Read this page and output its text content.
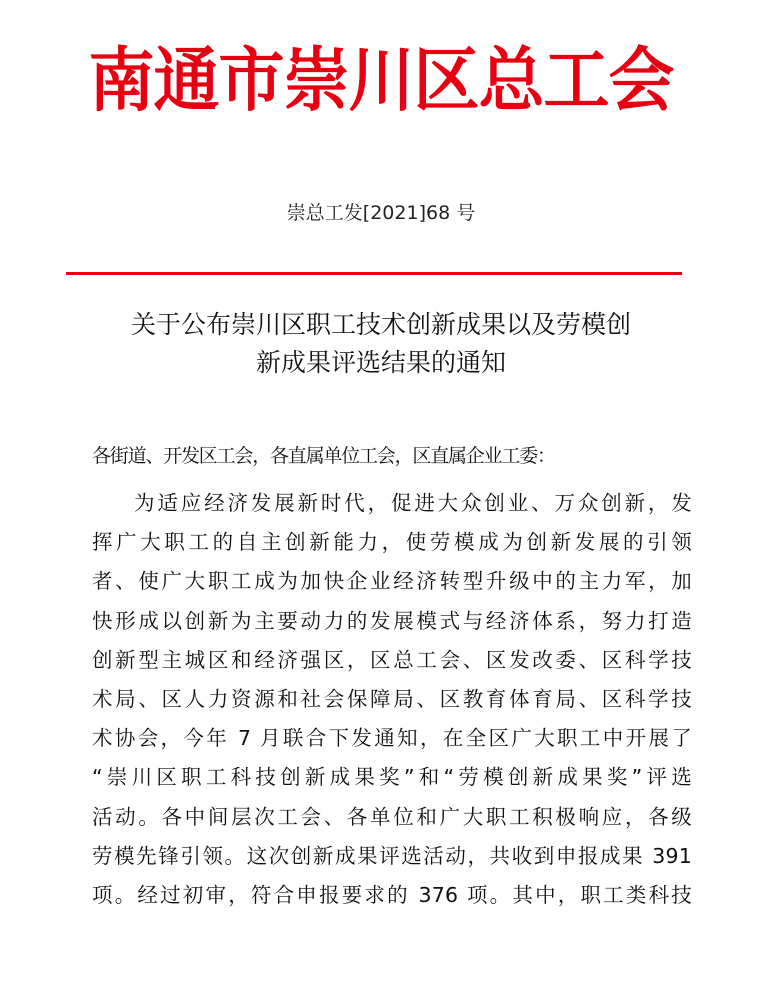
南通市崇川区总工会
崇总工发[2021]68 号
关于公布崇川区职工技术创新成果以及劳模创
新成果评选结果的通知
各街道、开发区工会，各直属单位工会，区直属企业工委：
为适应经济发展新时代，促进大众创业、万众创新，发
挥广大职工的自主创新能力，使劳模成为创新发展的引领
者、使广大职工成为加快企业经济转型升级中的主力军，加
快形成以创新为主要动力的发展模式与经济体系，努力打造
创新型主城区和经济强区，区总工会、区发改委、区科学技
术局、区人力资源和社会保障局、区教育体育局、区科学技
术协会，今年 7 月联合下发通知，在全区广大职工中开展了
“崇川区职工科技创新成果奖”和“劳模创新成果奖”评选
活动。各中间层次工会、各单位和广大职工积极响应，各级
劳模先锋引领。这次创新成果评选活动，共收到申报成果 391
项。经过初审，符合申报要求的 376 项。其中，职工类科技
